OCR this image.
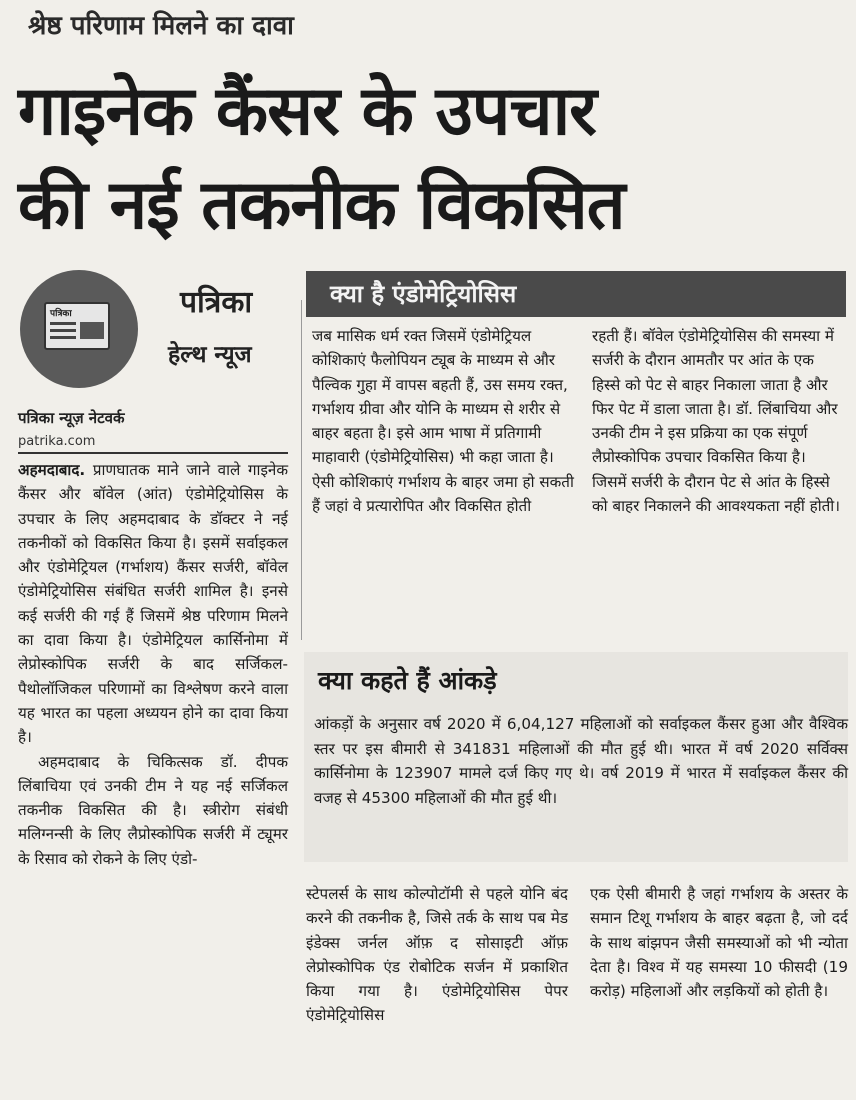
श्रेष्ठ परिणाम मिलने का दावा
गाइनेक कैंसर के उपचार
की नई तकनीक विकसित
पत्रिका	पत्रिका
हेल्थ न्यूज
पत्रिका न्यूज़ नेटवर्क
patrika.com

अहमदाबाद. प्राणघातक माने जाने वाले गाइनेक कैंसर और बॉवेल (आंत) एंडोमेट्रियोसिस के उपचार के लिए अहमदाबाद के डॉक्टर ने नई तकनीकों को विकसित किया है। इसमें सर्वाइकल और एंडोमेट्रियल (गर्भाशय) कैंसर सर्जरी, बॉवेल एंडोमेट्रियोसिस संबंधित सर्जरी शामिल है। इनसे कई सर्जरी की गई हैं जिसमें श्रेष्ठ परिणाम मिलने का दावा किया है। एंडोमेट्रियल कार्सिनोमा में लेप्रोस्कोपिक सर्जरी के बाद सर्जिकल-पैथोलॉजिकल परिणामों का विश्लेषण करने वाला यह भारत का पहला अध्ययन होने का दावा किया है।

अहमदाबाद के चिकित्सक डॉ. दीपक लिंबाचिया एवं उनकी टीम ने यह नई सर्जिकल तकनीक विकसित की है। स्त्रीरोग संबंधी मलिग्नन्सी के लिए लैप्रोस्कोपिक सर्जरी में ट्यूमर के रिसाव को रोकने के लिए एंडो-

क्या है एंडोमेट्रियोसिस
जब मासिक धर्म रक्त जिसमें एंडोमेट्रियल कोशिकाएं फैलोपियन ट्यूब के माध्यम से और पैल्विक गुहा में वापस बहती हैं, उस समय रक्त, गर्भाशय ग्रीवा और योनि के माध्यम से शरीर से बाहर बहता है। इसे आम भाषा में प्रतिगामी माहावारी (एंडोमेट्रियोसिस) भी कहा जाता है। ऐसी कोशिकाएं गर्भाशय के बाहर जमा हो सकती हैं जहां वे प्रत्यारोपित और विकसित होती
रहती हैं। बॉवेल एंडोमेट्रियोसिस की समस्या में सर्जरी के दौरान आमतौर पर आंत के एक हिस्से को पेट से बाहर निकाला जाता है और फिर पेट में डाला जाता है। डॉ. लिंबाचिया और उनकी टीम ने इस प्रक्रिया का एक संपूर्ण लैप्रोस्कोपिक उपचार विकसित किया है। जिसमें सर्जरी के दौरान पेट से आंत के हिस्से को बाहर निकालने की आवश्यकता नहीं होती।
क्या कहते हैं आंकड़े
आंकड़ों के अनुसार वर्ष 2020 में 6,04,127 महिलाओं को सर्वाइकल कैंसर हुआ और वैश्विक स्तर पर इस बीमारी से 341831 महिलाओं की मौत हुई थी। भारत में वर्ष 2020 सर्विक्स कार्सिनोमा के 123907 मामले दर्ज किए गए थे। वर्ष 2019 में भारत में सर्वाइकल कैंसर की वजह से 45300 महिलाओं की मौत हुई थी।
स्टेपलर्स के साथ कोल्पोटॉमी से पहले योनि बंद करने की तकनीक है, जिसे तर्क के साथ पब मेड इंडेक्स जर्नल ऑफ़ द सोसाइटी ऑफ़ लेप्रोस्कोपिक एंड रोबोटिक सर्जन में प्रकाशित किया गया है। एंडोमेट्रियोसिस पेपर एंडोमेट्रियोसिस
एक ऐसी बीमारी है जहां गर्भाशय के अस्तर के समान टिशू गर्भाशय के बाहर बढ़ता है, जो दर्द के साथ बांझपन जैसी समस्याओं को भी न्योता देता है। विश्व में यह समस्या 10 फीसदी (19 करोड़) महिलाओं और लड़कियों को होती है।
